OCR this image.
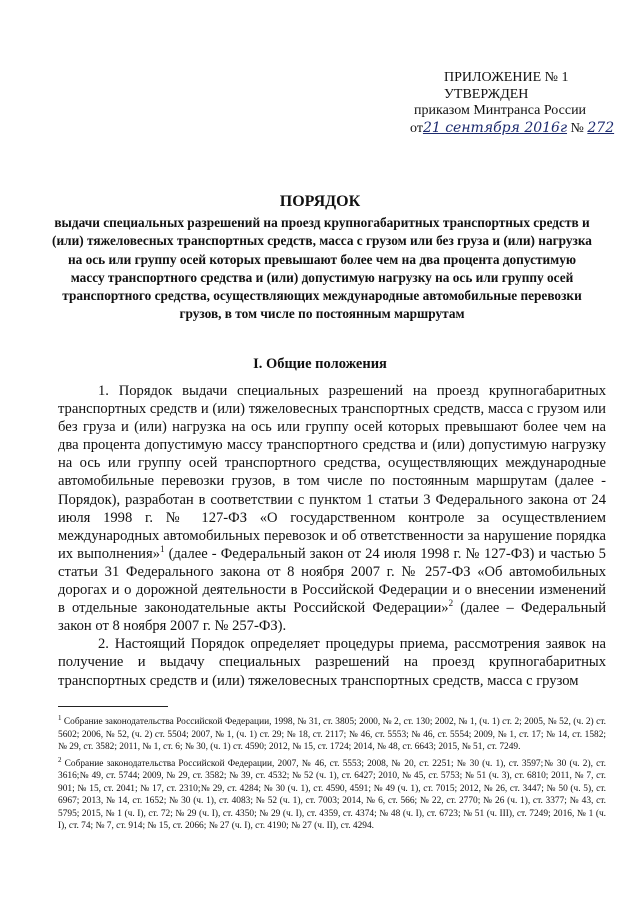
ПРИЛОЖЕНИЕ № 1
УТВЕРЖДЕН
приказом Минтранса России
от21 сентября 2016г № 272
ПОРЯДОК
выдачи специальных разрешений на проезд крупногабаритных транспортных средств и (или) тяжеловесных транспортных средств, масса с грузом или без груза и (или) нагрузка на ось или группу осей которых превышают более чем на два процента допустимую массу транспортного средства и (или) допустимую нагрузку на ось или группу осей транспортного средства, осуществляющих международные автомобильные перевозки грузов, в том числе по постоянным маршрутам
I. Общие положения

1. Порядок выдачи специальных разрешений на проезд крупногабаритных транспортных средств и (или) тяжеловесных транспортных средств, масса с грузом или без груза и (или) нагрузка на ось или группу осей которых превышают более чем на два процента допустимую массу транспортного средства и (или) допустимую нагрузку на ось или группу осей транспортного средства, осуществляющих международные автомобильные перевозки грузов, в том числе по постоянным маршрутам (далее - Порядок), разработан в соответствии с пунктом 1 статьи 3 Федерального закона от 24 июля 1998 г. № 127-ФЗ «О государственном контроле за осуществлением международных автомобильных перевозок и об ответственности за нарушение порядка их выполнения»$^1$ (далее - Федеральный закон от 24 июля 1998 г. № 127-ФЗ) и частью 5 статьи 31 Федерального закона от 8 ноября 2007 г. № 257-ФЗ «Об автомобильных дорогах и о дорожной деятельности в Российской Федерации и о внесении изменений в отдельные законодательные акты Российской Федерации»$^2$ (далее – Федеральный закон от 8 ноября 2007 г. № 257-ФЗ).

2. Настоящий Порядок определяет процедуры приема, рассмотрения заявок на получение и выдачу специальных разрешений на проезд крупногабаритных транспортных средств и (или) тяжеловесных транспортных средств, масса с грузом

$^1$ Собрание законодательства Российской Федерации, 1998, № 31, ст. 3805; 2000, № 2, ст. 130; 2002, № 1, (ч. 1) ст. 2; 2005, № 52, (ч. 2) ст. 5602; 2006, № 52, (ч. 2) ст. 5504; 2007, № 1, (ч. 1) ст. 29; № 18, ст. 2117; № 46, ст. 5553; № 46, ст. 5554; 2009, № 1, ст. 17; № 14, ст. 1582; № 29, ст. 3582; 2011, № 1, ст. 6; № 30, (ч. 1) ст. 4590; 2012, № 15, ст. 1724; 2014, № 48, ст. 6643; 2015, № 51, ст. 7249.

$^2$ Собрание законодательства Российской Федерации, 2007, № 46, ст. 5553; 2008, № 20, ст. 2251; № 30 (ч. 1), ст. 3597;№ 30 (ч. 2), ст. 3616;№ 49, ст. 5744; 2009, № 29, ст. 3582; № 39, ст. 4532; № 52 (ч. 1), ст. 6427; 2010, № 45, ст. 5753; № 51 (ч. 3), ст. 6810; 2011, № 7, ст. 901; № 15, ст. 2041; № 17, ст. 2310;№ 29, ст. 4284; № 30 (ч. 1), ст. 4590, 4591; № 49 (ч. 1), ст. 7015; 2012, № 26, ст. 3447; № 50 (ч. 5), ст. 6967; 2013, № 14, ст. 1652; № 30 (ч. 1), ст. 4083; № 52 (ч. 1), ст. 7003; 2014, № 6, ст. 566; № 22, ст. 2770; № 26 (ч. 1), ст. 3377; № 43, ст. 5795; 2015, № 1 (ч. I), ст. 72; № 29 (ч. I), ст. 4350; № 29 (ч. I), ст. 4359, ст. 4374; № 48 (ч. I), ст. 6723; № 51 (ч. III), ст. 7249; 2016, № 1 (ч. I), ст. 74; № 7, ст. 914; № 15, ст. 2066; № 27 (ч. I), ст. 4190; № 27 (ч. II), ст. 4294.
